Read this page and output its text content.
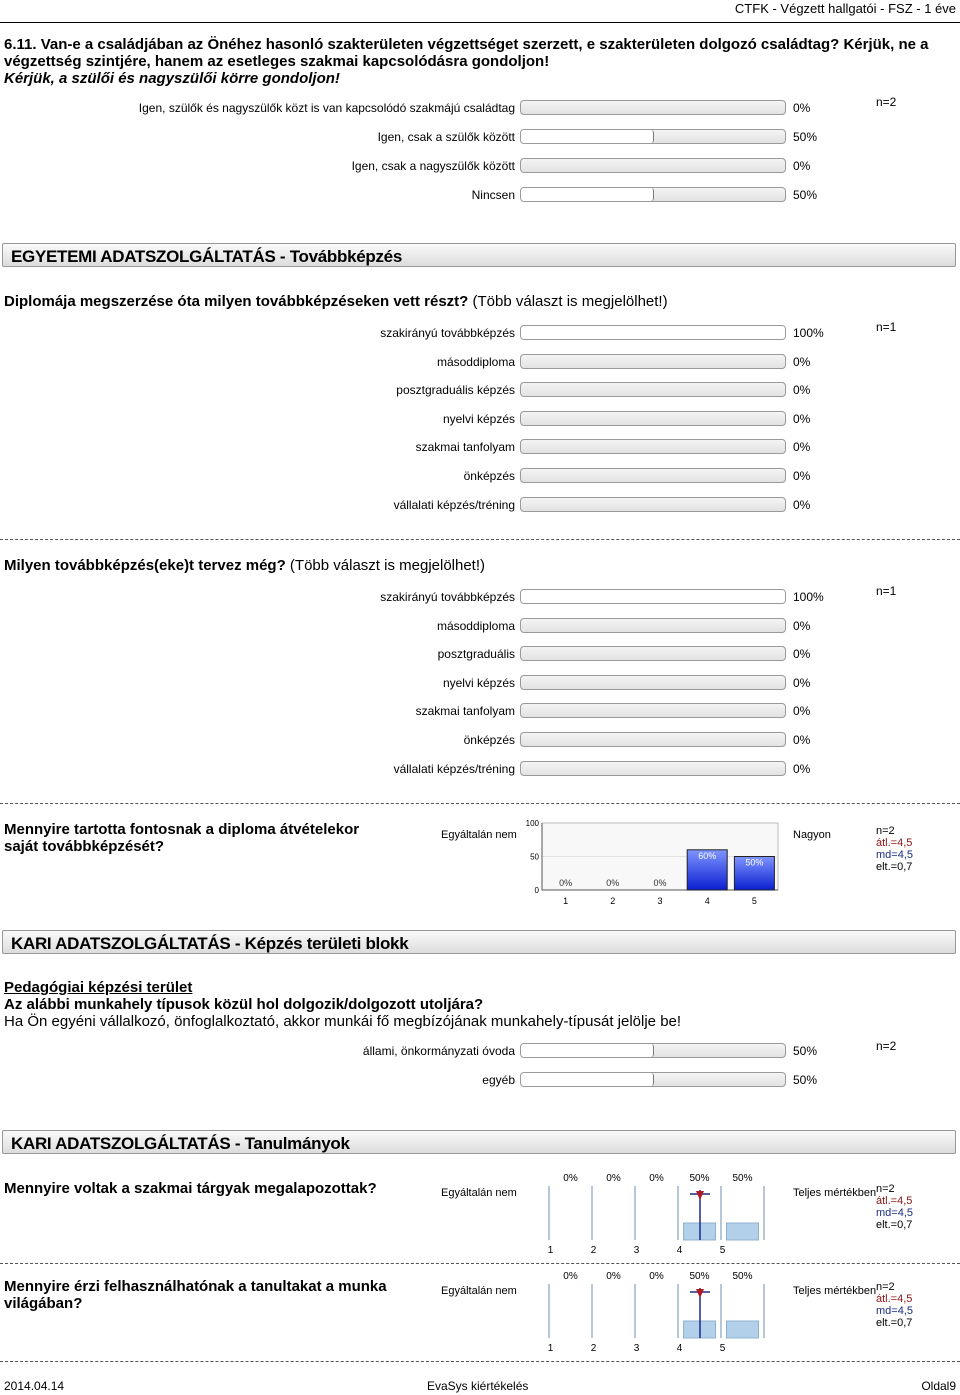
CTFK - Végzett hallgatói - FSZ - 1 éve
6.11. Van-e a családjában az Önéhez hasonló szakterületen végzettséget szerzett, e szakterületen dolgozó családtag? Kérjük, ne a
végzettség szintjére, hanem az esetleges szakmai kapcsolódásra gondoljon!
Kérjük, a szülői és nagyszülői körre gondoljon!
n=2
Igen, szülők és nagyszülők közt is van kapcsolódó szakmájú családtag	0%
Igen, csak a szülők között	50%
Igen, csak a nagyszülők között	0%
Nincsen	50%
EGYETEMI ADATSZOLGÁLTATÁS - Továbbképzés
Diplomája megszerzése óta milyen továbbképzéseken vett részt? (Több választ is megjelölhet!)
n=1
szakirányú továbbképzés	100%
másoddiploma	0%
posztgraduális képzés	0%
nyelvi képzés	0%
szakmai tanfolyam	0%
önképzés	0%
vállalati képzés/tréning	0%
Milyen továbbképzés(eke)t tervez még? (Több választ is megjelölhet!)
n=1
szakirányú továbbképzés	100%
másoddiploma	0%
posztgraduális	0%
nyelvi képzés	0%
szakmai tanfolyam	0%
önképzés	0%
vállalati képzés/tréning	0%
Mennyire tartotta fontosnak a diploma átvételekor
saját továbbképzését?
Egyáltalán nem	Nagyon	n=2
átl.=4,5
md=4,5
elt.=0,7
0
50
100
0%
1
0%
2
0%
3
60%
4
50%
5
KARI ADATSZOLGÁLTATÁS - Képzés területi blokk
Pedagógiai képzési terület
Az alábbi munkahely típusok közül hol dolgozik/dolgozott utoljára?
Ha Ön egyéni vállalkozó, önfoglalkoztató, akkor munkái fő megbízójának munkahely-típusát jelölje be!
n=2
állami, önkormányzati óvoda	50%
egyéb	50%
KARI ADATSZOLGÁLTATÁS - Tanulmányok
Mennyire voltak a szakmai tárgyak megalapozottak?	Egyáltalán nem	Teljes mértékben n=2
átl.=4,5
md=4,5
elt.=0,7
0%
1
0%
2
0%
3
50%
4
50%
5
Mennyire érzi felhasználhatónak a tanultakat a munka
világában?
Egyáltalán nem	Teljes mértékben n=2
átl.=4,5
md=4,5
elt.=0,7
0%
1
0%
2
0%
3
50%
4
50%
5
2014.04.14	EvaSys kiértékelés	Oldal9
